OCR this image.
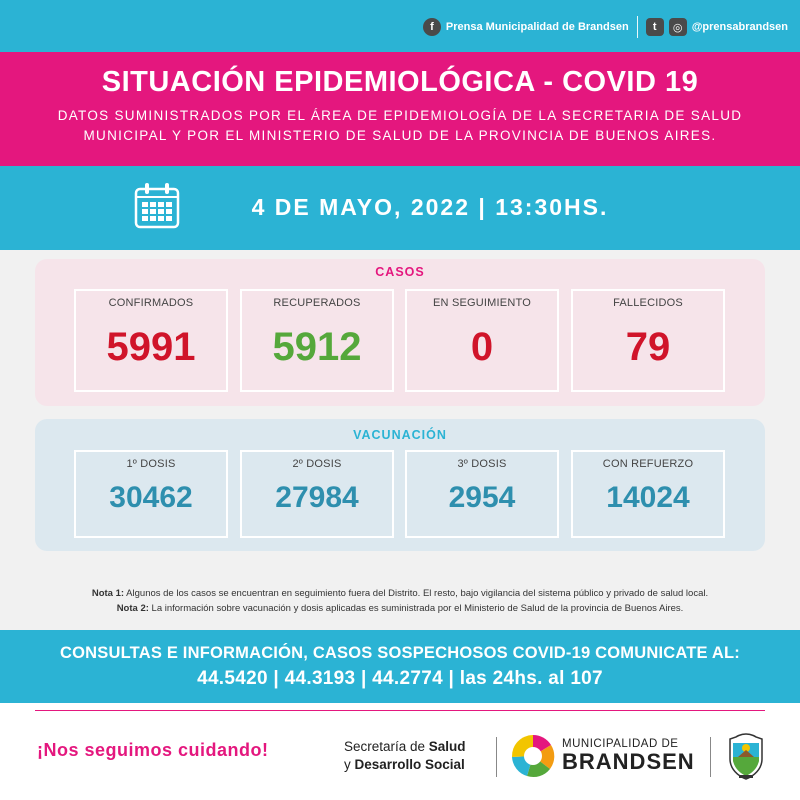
f	Prensa Municipalidad de Brandsen	t	◎ @prensabrandsen
SITUACIÓN EPIDEMIOLÓGICA - COVID 19
DATOS SUMINISTRADOS POR EL ÁREA DE EPIDEMIOLOGÍA DE LA SECRETARIA DE SALUD MUNICIPAL Y POR EL MINISTERIO DE SALUD DE LA PROVINCIA DE BUENOS AIRES.
4 DE MAYO, 2022 | 13:30HS.
CASOS
CONFIRMADOS
5991
RECUPERADOS
5912
EN SEGUIMIENTO
0
FALLECIDOS
79
VACUNACIÓN
1º DOSIS
30462
2º DOSIS
27984
3º DOSIS
2954
CON REFUERZO
14024
Nota 1: Algunos de los casos se encuentran en seguimiento fuera del Distrito. El resto, bajo vigilancia del sistema público y privado de salud local.
Nota 2: La información sobre vacunación y dosis aplicadas es suministrada por el Ministerio de Salud de la provincia de Buenos Aires.
CONSULTAS E INFORMACIÓN, CASOS SOSPECHOSOS COVID-19 COMUNICATE AL:
44.5420 | 44.3193 | 44.2774 | las 24hs. al 107
¡Nos seguimos cuidando!	Secretaría de Salud
y Desarrollo Social
MUNICIPALIDAD DE
BRANDSEN
